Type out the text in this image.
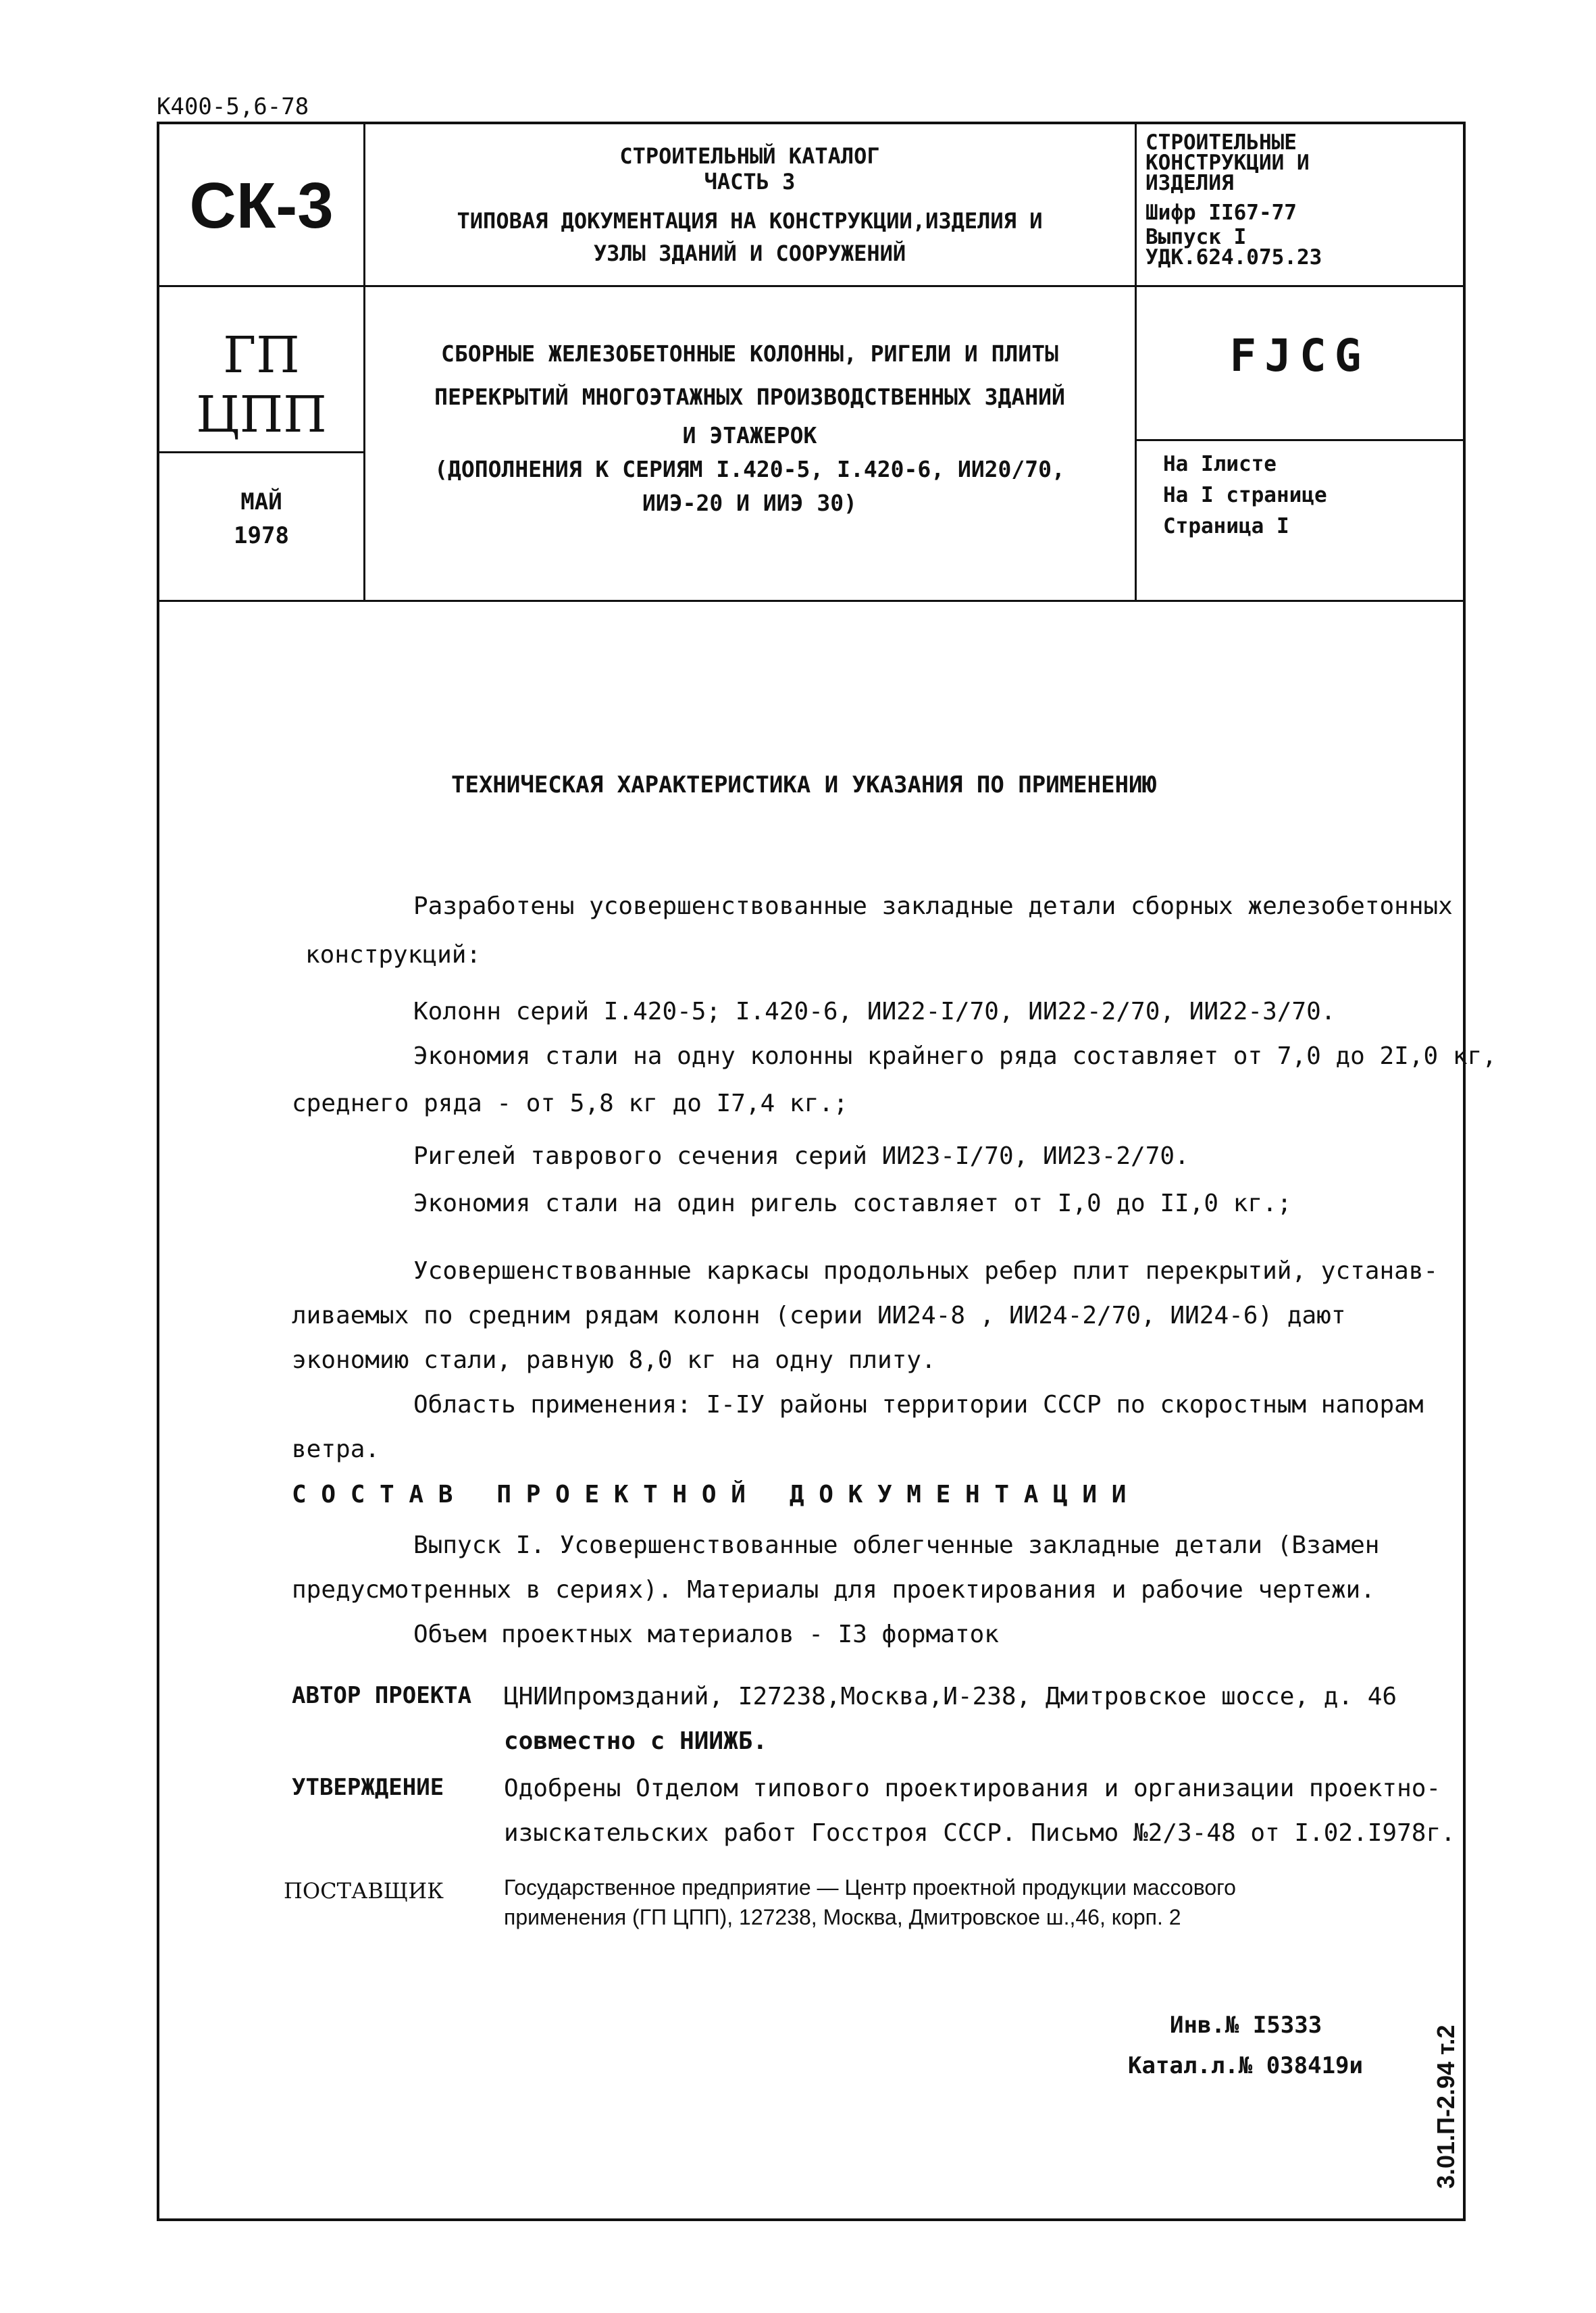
К400-5,6-78
СК-3
СТРОИТЕЛЬНЫЙ КАТАЛОГ
ЧАСТЬ 3
ТИПОВАЯ ДОКУМЕНТАЦИЯ НА КОНСТРУКЦИИ,ИЗДЕЛИЯ И
УЗЛЫ ЗДАНИЙ И СООРУЖЕНИЙ
СТРОИТЕЛЬНЫЕ
КОНСТРУКЦИИ И
ИЗДЕЛИЯ
Шифр II67-77
Выпуск I
УДК.624.075.23
ГП
ЦПП
МАЙ
1978
СБОРНЫЕ ЖЕЛЕЗОБЕТОННЫЕ КОЛОННЫ, РИГЕЛИ И ПЛИТЫ
ПЕРЕКРЫТИЙ МНОГОЭТАЖНЫХ ПРОИЗВОДСТВЕННЫХ ЗДАНИЙ
И ЭТАЖЕРОК
(ДОПОЛНЕНИЯ К СЕРИЯМ I.420-5, I.420-6, ИИ20/70,
ИИЭ-20 И ИИЭ 30)
FJCG
На Iлисте
На I странице
Страница I
ТЕХНИЧЕСКАЯ ХАРАКТЕРИСТИКА И УКАЗАНИЯ ПО ПРИМЕНЕНИЮ
Разработены усовершенствованные закладные детали сборных железобетонных
конструкций:
Колонн серий I.420-5; I.420-6, ИИ22-I/70, ИИ22-2/70, ИИ22-3/70.
Экономия стали на одну колонны крайнего ряда составляет от 7,0 до 2I,0 кг,
среднего ряда - от 5,8 кг до I7,4 кг.;
Ригелей таврового сечения серий ИИ23-I/70, ИИ23-2/70.
Экономия стали на один ригель составляет от I,0 до II,0 кг.;
Усовершенствованные каркасы продольных ребер плит перекрытий, устанав-
ливаемых по средним рядам колонн (серии ИИ24-8 , ИИ24-2/70, ИИ24-6) дают
экономию стали, равную 8,0 кг на одну плиту.
Область применения: I-IУ районы территории СССР по скоростным напорам
ветра.
С О С Т А В   П Р О Е К Т Н О Й   Д О К У М Е Н Т А Ц И И
Выпуск I. Усовершенствованные облегченные закладные детали (Взамен
предусмотренных в сериях). Материалы для проектирования и рабочие чертежи.
Объем проектных материалов - I3 форматок
АВТОР ПРОЕКТА ЦНИИпромзданий, I27238,Москва,И-238, Дмитровское шоссе, д. 46
совместно с НИИЖБ.
УТВЕРЖДЕНИЕ Одобрены Отделом типового проектирования и организации проектно-
изыскательских работ Госстроя СССР. Письмо №2/3-48 от I.02.I978г.
ПОСТАВЩИК	Государственное предприятие — Центр проектной продукции массового
применения (ГП ЦПП), 127238, Москва, Дмитровское ш.,46, корп. 2
Инв.№ I5333
Катал.л.№ 038419и	3.01.П-2.94 т.2
